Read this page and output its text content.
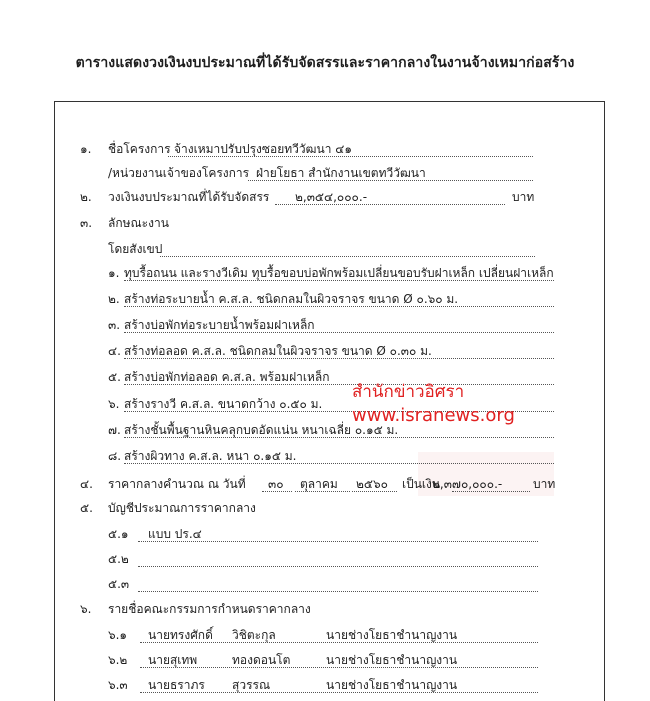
ตารางแสดงวงเงินงบประมาณที่ได้รับจัดสรรและราคากลางในงานจ้างเหมาก่อสร้าง
๑. ชื่อโครงการ จ้างเหมาปรับปรุงซอยทวีวัฒนา ๔๑
/หน่วยงานเจ้าของโครงการ ฝ่ายโยธา สำนักงานเขตทวีวัฒนา
๒. วงเงินงบประมาณที่ได้รับจัดสรร ๒,๓๕๔,๐๐๐.-	บาท
๓. ลักษณะงาน
โดยสังเขป
๑. ทุบรื้อถนน และรางวีเดิม ทุบรื้อขอบบ่อพักพร้อมเปลี่ยนขอบรับฝาเหล็ก เปลี่ยนฝาเหล็ก
๒. สร้างท่อระบายน้ำ ค.ส.ล. ชนิดกลมในผิวจราจร ขนาด Ø ๐.๖๐ ม.
๓. สร้างบ่อพักท่อระบายน้ำพร้อมฝาเหล็ก
๔. สร้างท่อลอด ค.ส.ล. ชนิดกลมในผิวจราจร ขนาด Ø ๐.๓๐ ม.
๕. สร้างบ่อพักท่อลอด ค.ส.ล. พร้อมฝาเหล็ก
๖. สร้างรางวี ค.ส.ล. ขนาดกว้าง ๐.๕๐ ม.
๗. สร้างชั้นพื้นฐานหินคลุกบดอัดแน่น หนาเฉลี่ย ๐.๑๕ ม.
๘. สร้างผิวทาง ค.ส.ล. หนา ๐.๑๕ ม.
๔. ราคากลางคำนวณ ณ วันที่ ๓๐ ตุลาคม ๒๕๖๐ เป็นเงิน
๒,๓๗๐,๐๐๐.-	บาท
๕. บัญชีประมาณการราคากลาง
๕.๑ แบบ ปร.๔
๕.๒
๕.๓
๖. รายชื่อคณะกรรมการกำหนดราคากลาง
๖.๑ นายทรงศักดิ์ วิชิตะกุล	นายช่างโยธาชำนาญงาน
๖.๒ นายสุเทพ	ทองดอนโต	นายช่างโยธาชำนาญงาน
๖.๓ นายธราภร สุวรรณ	นายช่างโยธาชำนาญงาน
สำนักข่าวอิศรา
www.isranews.org
